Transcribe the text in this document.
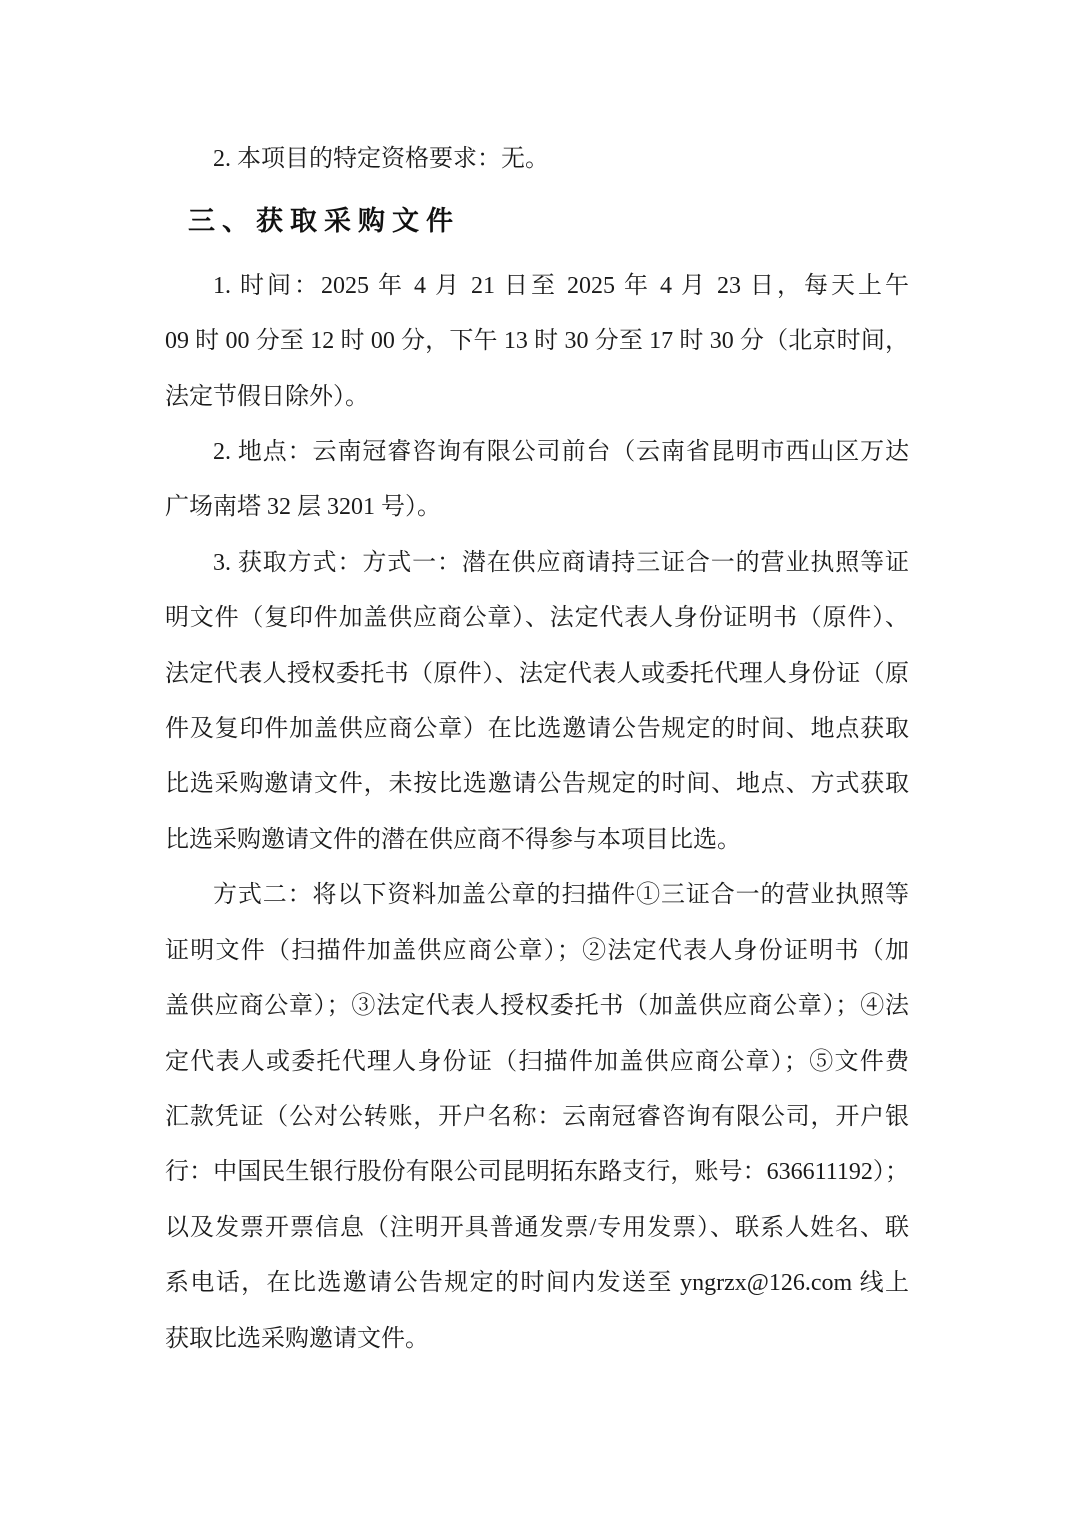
2. 本项目的特定资格要求：无。
三、获取采购文件
1. 时间：2025 年 4 月 21 日至 2025 年 4 月 23 日，每天上午
09 时 00 分至 12 时 00 分，下午 13 时 30 分至 17 时 30 分（北京时间，
法定节假日除外）。
2. 地点：云南冠睿咨询有限公司前台（云南省昆明市西山区万达
广场南塔 32 层 3201 号）。
3. 获取方式：方式一：潜在供应商请持三证合一的营业执照等证
明文件（复印件加盖供应商公章）、法定代表人身份证明书（原件）、
法定代表人授权委托书（原件）、法定代表人或委托代理人身份证（原
件及复印件加盖供应商公章）在比选邀请公告规定的时间、地点获取
比选采购邀请文件，未按比选邀请公告规定的时间、地点、方式获取
比选采购邀请文件的潜在供应商不得参与本项目比选。
方式二：将以下资料加盖公章的扫描件①三证合一的营业执照等
证明文件（扫描件加盖供应商公章）；②法定代表人身份证明书（加
盖供应商公章）；③法定代表人授权委托书（加盖供应商公章）；④法
定代表人或委托代理人身份证（扫描件加盖供应商公章）；⑤文件费
汇款凭证（公对公转账，开户名称：云南冠睿咨询有限公司，开户银
行：中国民生银行股份有限公司昆明拓东路支行，账号：636611192）；
以及发票开票信息（注明开具普通发票/专用发票）、联系人姓名、联
系电话，在比选邀请公告规定的时间内发送至 yngrzx@126.com 线上
获取比选采购邀请文件。
